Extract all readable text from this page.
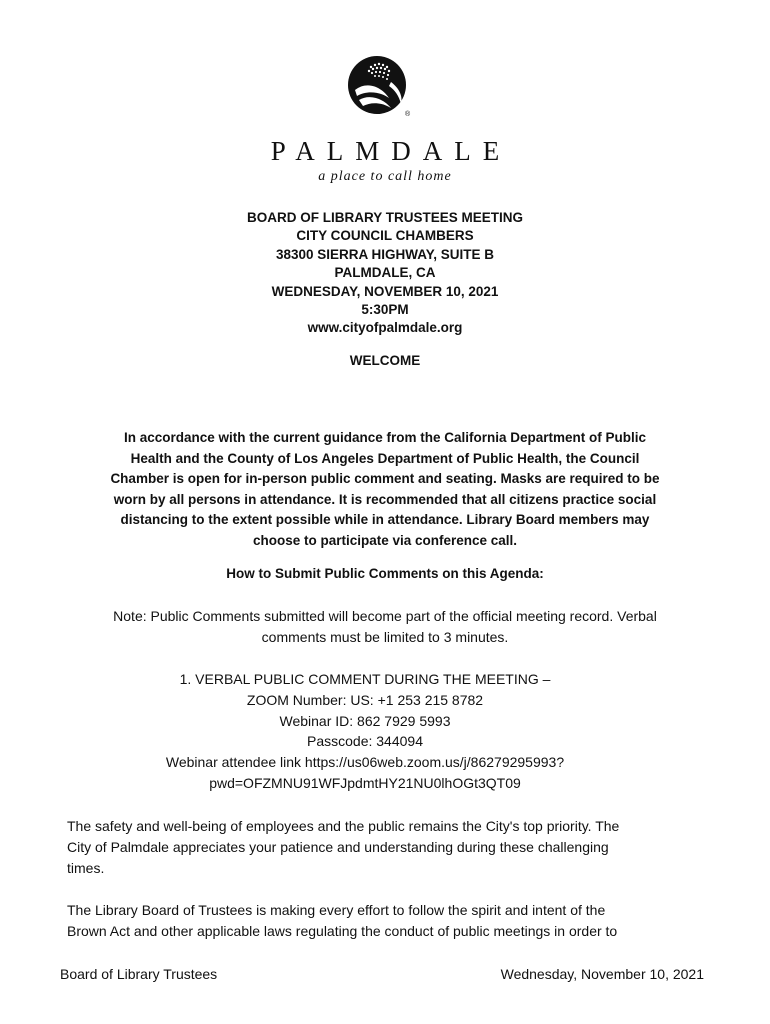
®
PALMDALE
a place to call home
BOARD OF LIBRARY TRUSTEES MEETING
CITY COUNCIL CHAMBERS
38300 SIERRA HIGHWAY, SUITE B
PALMDALE, CA
WEDNESDAY, NOVEMBER 10, 2021
5:30PM
www.cityofpalmdale.org
WELCOME
In accordance with the current guidance from the California Department of Public
Health and the County of Los Angeles Department of Public Health, the Council
Chamber is open for in-person public comment and seating. Masks are required to be
worn by all persons in attendance. It is recommended that all citizens practice social
distancing to the extent possible while in attendance. Library Board members may
choose to participate via conference call.
How to Submit Public Comments on this Agenda:
Note: Public Comments submitted will become part of the official meeting record. Verbal
comments must be limited to 3 minutes.
1. VERBAL PUBLIC COMMENT DURING THE MEETING –
ZOOM Number: US: +1 253 215 8782
Webinar ID: 862 7929 5993
Passcode: 344094
Webinar attendee link https://us06web.zoom.us/j/86279295993?
pwd=OFZMNU91WFJpdmtHY21NU0lhOGt3QT09
The safety and well-being of employees and the public remains the City's top priority. The
City of Palmdale appreciates your patience and understanding during these challenging
times.
The Library Board of Trustees is making every effort to follow the spirit and intent of the
Brown Act and other applicable laws regulating the conduct of public meetings in order to
Board of Library Trustees	Wednesday, November 10, 2021
